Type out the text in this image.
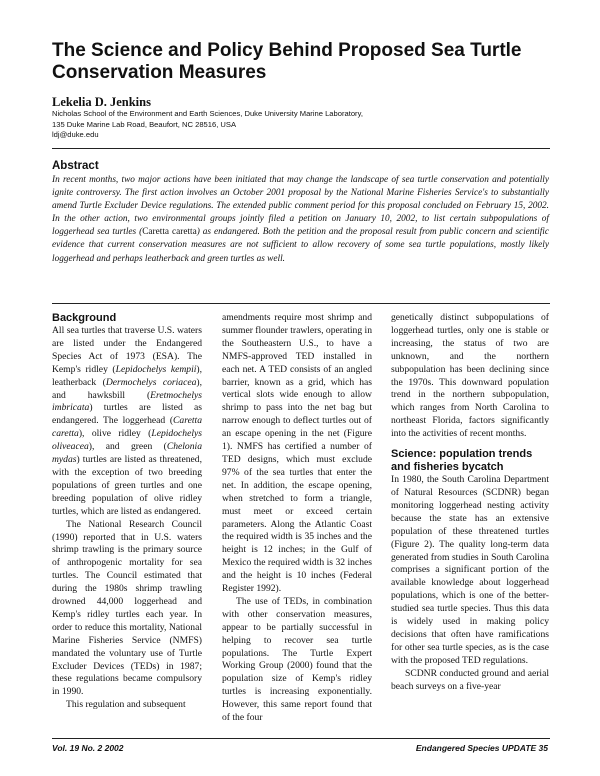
The Science and Policy Behind Proposed Sea Turtle Conservation Measures
Lekelia D. Jenkins
Nicholas School of the Environment and Earth Sciences, Duke University Marine Laboratory,
135 Duke Marine Lab Road, Beaufort, NC 28516, USA
ldj@duke.edu
Abstract

In recent months, two major actions have been initiated that may change the landscape of sea turtle conservation and potentially ignite controversy. The first action involves an October 2001 proposal by the National Marine Fisheries Service's to substantially amend Turtle Excluder Device regulations. The extended public comment period for this proposal concluded on February 15, 2002. In the other action, two environmental groups jointly filed a petition on January 10, 2002, to list certain subpopulations of loggerhead sea turtles (Caretta caretta) as endangered. Both the petition and the proposal result from public concern and scientific evidence that current conservation measures are not sufficient to allow recovery of some sea turtle populations, mostly likely loggerhead and perhaps leatherback and green turtles as well.

Background

All sea turtles that traverse U.S. waters are listed under the Endangered Species Act of 1973 (ESA). The Kemp's ridley (Lepidochelys kempii), leatherback (Dermochelys coriacea), and hawksbill (Eretmochelys imbricata) turtles are listed as endangered. The loggerhead (Caretta caretta), olive ridley (Lepidochelys oliveacea), and green (Chelonia mydas) turtles are listed as threatened, with the exception of two breeding populations of green turtles and one breeding population of olive ridley turtles, which are listed as endangered.

The National Research Council (1990) reported that in U.S. waters shrimp trawling is the primary source of anthropogenic mortality for sea turtles. The Council estimated that during the 1980s shrimp trawling drowned 44,000 loggerhead and Kemp's ridley turtles each year. In order to reduce this mortality, National Marine Fisheries Service (NMFS) mandated the voluntary use of Turtle Excluder Devices (TEDs) in 1987; these regulations became compulsory in 1990.

This regulation and subsequent

amendments require most shrimp and summer flounder trawlers, operating in the Southeastern U.S., to have a NMFS-approved TED installed in each net. A TED consists of an angled barrier, known as a grid, which has vertical slots wide enough to allow shrimp to pass into the net bag but narrow enough to deflect turtles out of an escape opening in the net (Figure 1). NMFS has certified a number of TED designs, which must exclude 97% of the sea turtles that enter the net. In addition, the escape opening, when stretched to form a triangle, must meet or exceed certain parameters. Along the Atlantic Coast the required width is 35 inches and the height is 12 inches; in the Gulf of Mexico the required width is 32 inches and the height is 10 inches (Federal Register 1992).

The use of TEDs, in combination with other conservation measures, appear to be partially successful in helping to recover sea turtle populations. The Turtle Expert Working Group (2000) found that the population size of Kemp's ridley turtles is increasing exponentially. However, this same report found that of the four

genetically distinct subpopulations of loggerhead turtles, only one is stable or increasing, the status of two are unknown, and the northern subpopulation has been declining since the 1970s. This downward population trend in the northern subpopulation, which ranges from North Carolina to northeast Florida, factors significantly into the activities of recent months.

Science: population trends and fisheries bycatch

In 1980, the South Carolina Department of Natural Resources (SCDNR) began monitoring loggerhead nesting activity because the state has an extensive population of these threatened turtles (Figure 2). The quality long-term data generated from studies in South Carolina comprises a significant portion of the available knowledge about loggerhead populations, which is one of the better-studied sea turtle species. Thus this data is widely used in making policy decisions that often have ramifications for other sea turtle species, as is the case with the proposed TED regulations.

SCDNR conducted ground and aerial beach surveys on a five-year

Vol. 19 No. 2 2002	Endangered Species UPDATE 35
